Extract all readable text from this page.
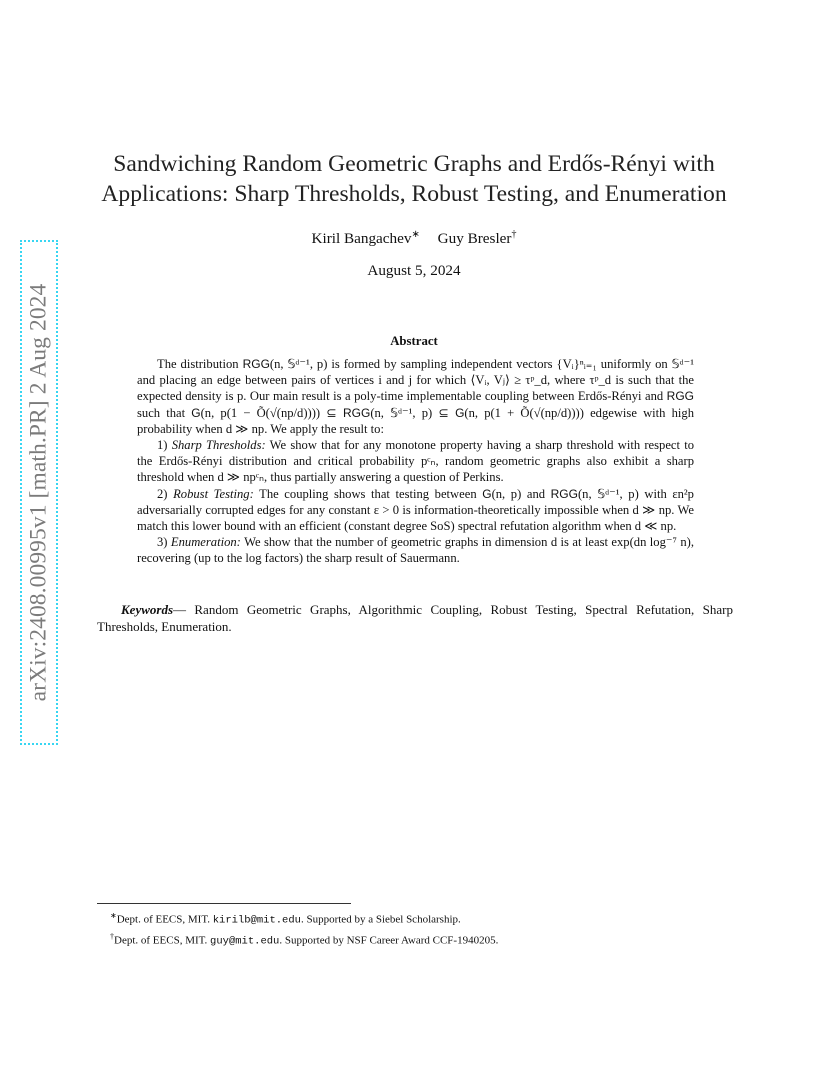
arXiv:2408.00995v1 [math.PR] 2 Aug 2024
Sandwiching Random Geometric Graphs and Erdős-Rényi with Applications: Sharp Thresholds, Robust Testing, and Enumeration
Kiril Bangachev∗ Guy Bresler†
August 5, 2024
Abstract

The distribution RGG(n, 𝕊ᵈ⁻¹, p) is formed by sampling independent vectors {Vᵢ}ⁿᵢ₌₁ uniformly on 𝕊ᵈ⁻¹ and placing an edge between pairs of vertices i and j for which ⟨Vᵢ, Vⱼ⟩ ≥ τᵖ_d, where τᵖ_d is such that the expected density is p. Our main result is a poly-time implementable coupling between Erdős-Rényi and RGG such that G(n, p(1 − Õ(√(np/d)))) ⊆ RGG(n, 𝕊ᵈ⁻¹, p) ⊆ G(n, p(1 + Õ(√(np/d)))) edgewise with high probability when d ≫ np. We apply the result to:

1) Sharp Thresholds: We show that for any monotone property having a sharp threshold with respect to the Erdős-Rényi distribution and critical probability pᶜₙ, random geometric graphs also exhibit a sharp threshold when d ≫ npᶜₙ, thus partially answering a question of Perkins.

2) Robust Testing: The coupling shows that testing between G(n, p) and RGG(n, 𝕊ᵈ⁻¹, p) with εn²p adversarially corrupted edges for any constant ε > 0 is information-theoretically impossible when d ≫ np. We match this lower bound with an efficient (constant degree SoS) spectral refutation algorithm when d ≪ np.

3) Enumeration: We show that the number of geometric graphs in dimension d is at least exp(dn log⁻⁷ n), recovering (up to the log factors) the sharp result of Sauermann.

Keywords— Random Geometric Graphs, Algorithmic Coupling, Robust Testing, Spectral Refutation, Sharp Thresholds, Enumeration.

∗Dept. of EECS, MIT. kirilb@mit.edu. Supported by a Siebel Scholarship.

†Dept. of EECS, MIT. guy@mit.edu. Supported by NSF Career Award CCF-1940205.
